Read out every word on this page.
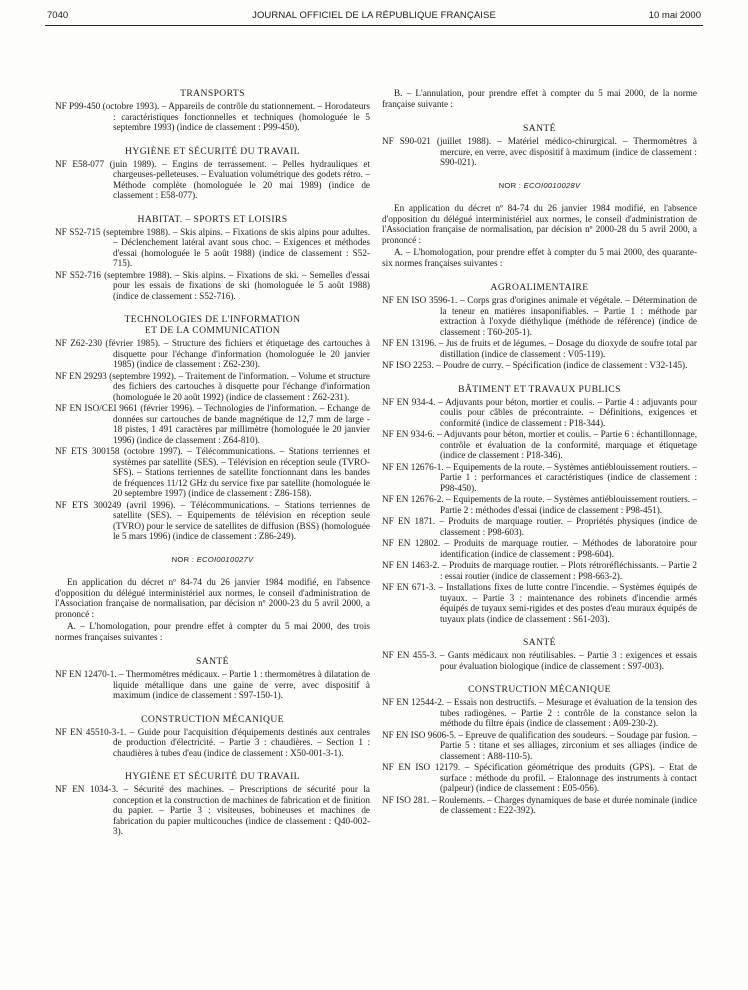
7040	JOURNAL OFFICIEL DE LA RÉPUBLIQUE FRANÇAISE	10 mai 2000

TRANSPORTS

NF P99-450 (octobre 1993). – Appareils de contrôle du stationnement. – Horodateurs : caractéristiques fonctionnelles et techniques (homologuée le 5 septembre 1993) (indice de classement : P99-450).

HYGIÈNE ET SÉCURITÉ DU TRAVAIL

NF E58-077 (juin 1989). – Engins de terrassement. – Pelles hydrauliques et chargeuses-pelleteuses. – Evaluation volumétrique des godets rétro. – Méthode complète (homologuée le 20 mai 1989) (indice de classement : E58-077).

HABITAT. – SPORTS ET LOISIRS

NF S52-715 (septembre 1988). – Skis alpins. – Fixations de skis alpins pour adultes. – Déclenchement latéral avant sous choc. – Exigences et méthodes d'essai (homologuée le 5 août 1988) (indice de classement : S52-715).

NF S52-716 (septembre 1988). – Skis alpins. – Fixations de ski. – Semelles d'essai pour les essais de fixations de ski (homologuée le 5 août 1988) (indice de classement : S52-716).

TECHNOLOGIES DE L'INFORMATION

ET DE LA COMMUNICATION

NF Z62-230 (février 1985). – Structure des fichiers et étiquetage des cartouches à disquette pour l'échange d'information (homologuée le 20 janvier 1985) (indice de classement : Z62-230).

NF EN 29293 (septembre 1992). – Traitement de l'information. – Volume et structure des fichiers des cartouches à disquette pour l'échange d'information (homologuée le 20 août 1992) (indice de classement : Z62-231).

NF EN ISO/CEI 9661 (février 1996). – Technologies de l'information. – Echange de données sur cartouches de bande magnétique de 12,7 mm de large - 18 pistes, 1 491 caractères par millimètre (homologuée le 20 janvier 1996) (indice de classement : Z64-810).

NF ETS 300158 (octobre 1997). – Télécommunications. – Stations terriennes et systèmes par satellite (SES). – Télévision en réception seule (TVRO-SFS). – Stations terriennes de satellite fonctionnant dans les bandes de fréquences 11/12 GHz du service fixe par satellite (homologuée le 20 septembre 1997) (indice de classement : Z86-158).

NF ETS 300249 (avril 1996). – Télécommunications. – Stations terriennes de satellite (SES). – Equipements de télévision en réception seule (TVRO) pour le service de satellites de diffusion (BSS) (homologuée le 5 mars 1996) (indice de classement : Z86-249).

NOR : ECOI0010027V

En application du décret nº 84-74 du 26 janvier 1984 modifié, en l'absence d'opposition du délégué interministériel aux normes, le conseil d'administration de l'Association française de normalisation, par décision nº 2000-23 du 5 avril 2000, a prononcé :

A. – L'homologation, pour prendre effet à compter du 5 mai 2000, des trois normes françaises suivantes :

SANTÉ

NF EN 12470-1. – Thermomètres médicaux. – Partie 1 : thermomètres à dilatation de liquide métallique dans une gaine de verre, avec dispositif à maximum (indice de classement : S97-150-1).

CONSTRUCTION MÉCANIQUE

NF EN 45510-3-1. – Guide pour l'acquisition d'équipements destinés aux centrales de production d'électricité. – Partie 3 : chaudières. – Section 1 : chaudières à tubes d'eau (indice de classement : X50-001-3-1).

HYGIÈNE ET SÉCURITÉ DU TRAVAIL

NF EN 1034-3. – Sécurité des machines. – Prescriptions de sécurité pour la conception et la construction de machines de fabrication et de finition du papier. – Partie 3 : visiteuses, bobineuses et machines de fabrication du papier multicouches (indice de classement : Q40-002-3).

B. – L'annulation, pour prendre effet à compter du 5 mai 2000, de la norme française suivante :

SANTÉ

NF S90-021 (juillet 1988). – Matériel médico-chirurgical. – Thermomètres à mercure, en verre, avec dispositif à maximum (indice de classement : S90-021).

NOR : ECOI0010028V

En application du décret nº 84-74 du 26 janvier 1984 modifié, en l'absence d'opposition du délégué interministériel aux normes, le conseil d'administration de l'Association française de normalisation, par décision nº 2000-28 du 5 avril 2000, a prononcé :

A. – L'homologation, pour prendre effet à compter du 5 mai 2000, des quarante-six normes françaises suivantes :

AGROALIMENTAIRE

NF EN ISO 3596-1. – Corps gras d'origines animale et végétale. – Détermination de la teneur en matières insaponifiables. – Partie 1 : méthode par extraction à l'oxyde diéthylique (méthode de référence) (indice de classement : T60-205-1).

NF EN 13196. – Jus de fruits et de légumes. – Dosage du dioxyde de soufre total par distillation (indice de classement : V05-119).

NF ISO 2253. – Poudre de curry. – Spécification (indice de classement : V32-145).

BÂTIMENT ET TRAVAUX PUBLICS

NF EN 934-4. – Adjuvants pour béton, mortier et coulis. – Partie 4 : adjuvants pour coulis pour câbles de précontrainte. – Définitions, exigences et conformité (indice de classement : P18-344).

NF EN 934-6. – Adjuvants pour béton, mortier et coulis. – Partie 6 : échantillonnage, contrôle et évaluation de la conformité, marquage et étiquetage (indice de classement : P18-346).

NF EN 12676-1. – Equipements de la route. – Systèmes antiéblouissement routiers. – Partie 1 : performances et caractéristiques (indice de classement : P98-450).

NF EN 12676-2. – Equipements de la route. – Systèmes antiéblouissement routiers. – Partie 2 : méthodes d'essai (indice de classement : P98-451).

NF EN 1871. – Produits de marquage routier. – Propriétés physiques (indice de classement : P98-603).

NF EN 12802. – Produits de marquage routier. – Méthodes de laboratoire pour identification (indice de classement : P98-604).

NF EN 1463-2. – Produits de marquage routier. – Plots rétroréfléchissants. – Partie 2 : essai routier (indice de classement : P98-663-2).

NF EN 671-3. – Installations fixes de lutte contre l'incendie. – Systèmes équipés de tuyaux. – Partie 3 : maintenance des robinets d'incendie armés équipés de tuyaux semi-rigides et des postes d'eau muraux équipés de tuyaux plats (indice de classement : S61-203).

SANTÉ

NF EN 455-3. – Gants médicaux non réutilisables. – Partie 3 : exigences et essais pour évaluation biologique (indice de classement : S97-003).

CONSTRUCTION MÉCANIQUE

NF EN 12544-2. – Essais non destructifs. – Mesurage et évaluation de la tension des tubes radiogènes. – Partie 2 : contrôle de la constance selon la méthode du filtre épais (indice de classement : A09-230-2).

NF EN ISO 9606-5. – Epreuve de qualification des soudeurs. – Soudage par fusion. – Partie 5 : titane et ses alliages, zirconium et ses alliages (indice de classement : A88-110-5).

NF EN ISO 12179. – Spécification géométrique des produits (GPS). – Etat de surface : méthode du profil. – Etalonnage des instruments à contact (palpeur) (indice de classement : E05-056).

NF ISO 281. – Roulements. – Charges dynamiques de base et durée nominale (indice de classement : E22-392).
